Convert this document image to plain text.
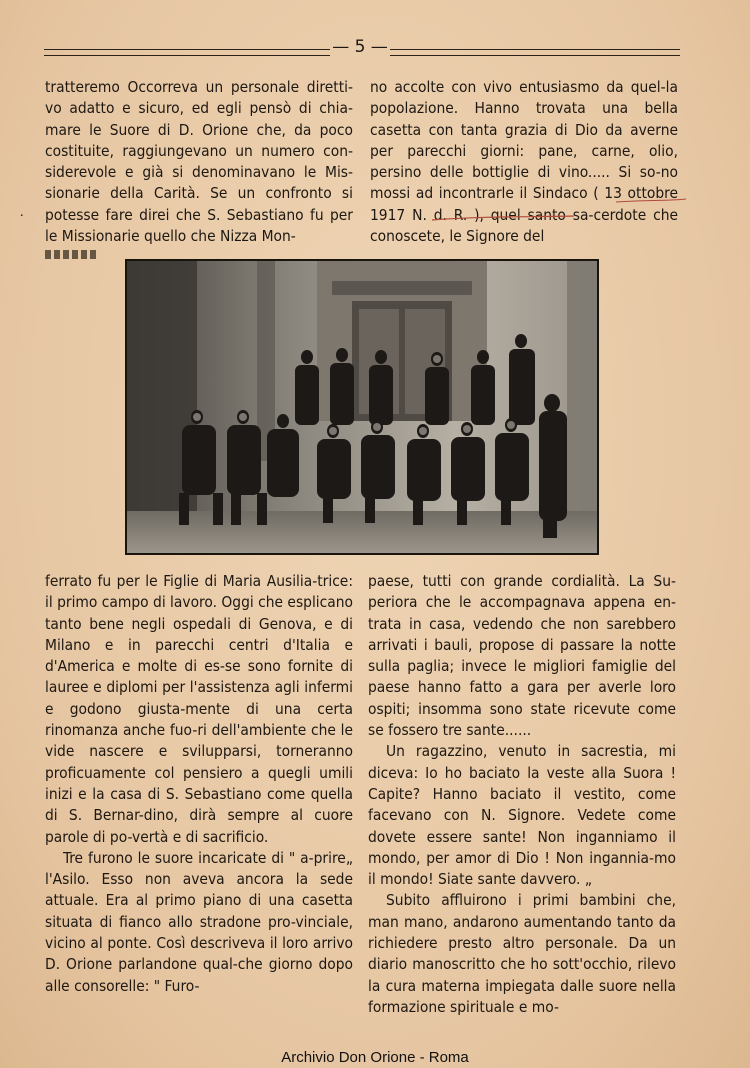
— 5 —

tratteremo Occorreva un personale diretti-vo adatto e sicuro, ed egli pensò di chia-mare le Suore di D. Orione che, da poco costituite, raggiungevano un numero con-siderevole e già si denominavano le Mis-sionarie della Carità. Se un confronto si potesse fare direi che S. Sebastiano fu per le Missionarie quello che Nizza Mon-

no accolte con vivo entusiasmo da quel-la popolazione. Hanno trovata una bella casetta con tanta grazia di Dio da averne per parecchi giorni: pane, carne, olio, persino delle bottiglie di vino..... Si so-no mossi ad incontrarle il Sindaco ( 13 ottobre 1917 N. d. R. ), quel santo sa-cerdote che conoscete, le Signore del

.

ferrato fu per le Figlie di Maria Ausilia-trice: il primo campo di lavoro. Oggi che esplicano tanto bene negli ospedali di Genova, e di Milano e in parecchi centri d'Italia e d'America e molte di es-se sono fornite di lauree e diplomi per l'assistenza agli infermi e godono giusta-mente di una certa rinomanza anche fuo-ri dell'ambiente che le vide nascere e svilupparsi, torneranno proficuamente col pensiero a quegli umili inizi e la casa di S. Sebastiano come quella di S. Bernar-dino, dirà sempre al cuore parole di po-vertà e di sacrificio.

Tre furono le suore incaricate di " a-prire„ l'Asilo. Esso non aveva ancora la sede attuale. Era al primo piano di una casetta situata di fianco allo stradone pro-vinciale, vicino al ponte. Così descriveva il loro arrivo D. Orione parlandone qual-che giorno dopo alle consorelle: " Furo-

paese, tutti con grande cordialità. La Su-periora che le accompagnava appena en-trata in casa, vedendo che non sarebbero arrivati i bauli, propose di passare la notte sulla paglia; invece le migliori famiglie del paese hanno fatto a gara per averle loro ospiti; insomma sono state ricevute come se fossero tre sante......

Un ragazzino, venuto in sacrestia, mi diceva: Io ho baciato la veste alla Suora ! Capite? Hanno baciato il vestito, come facevano con N. Signore. Vedete come dovete essere sante! Non inganniamo il mondo, per amor di Dio ! Non ingannia-mo il mondo! Siate sante davvero. „

Subito affluirono i primi bambini che, man mano, andarono aumentando tanto da richiedere presto altro personale. Da un diario manoscritto che ho sott'occhio, rilevo la cura materna impiegata dalle suore nella formazione spirituale e mo-

Archivio Don Orione - Roma
